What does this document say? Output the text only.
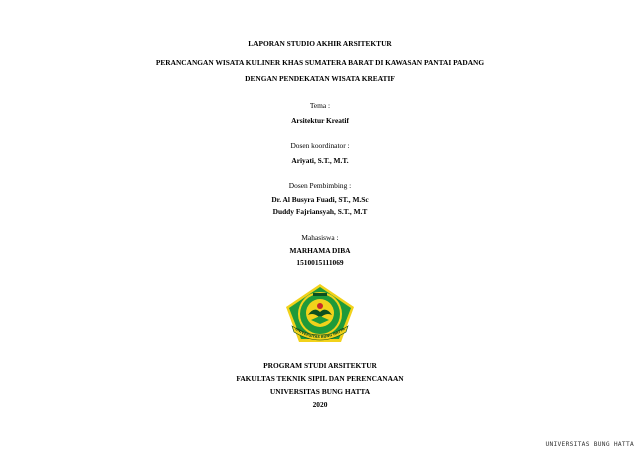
LAPORAN STUDIO AKHIR ARSITEKTUR
PERANCANGAN WISATA KULINER KHAS SUMATERA BARAT DI KAWASAN PANTAI PADANG
DENGAN PENDEKATAN WISATA KREATIF
Tema :
Arsitektur Kreatif
Dosen koordinator :
Ariyati, S.T., M.T.
Dosen Pembimbing :
Dr. Al Busyra Fuadi, ST., M.Sc
Duddy Fajriansyah, S.T., M.T
Mahasiswa :
MARHAMA DIBA
1510015111069
UNIVERSITAS BUNG HATTA
PROGRAM STUDI ARSITEKTUR
FAKULTAS TEKNIK SIPIL DAN PERENCANAAN
UNIVERSITAS BUNG HATTA
2020
UNIVERSITAS BUNG HATTA
